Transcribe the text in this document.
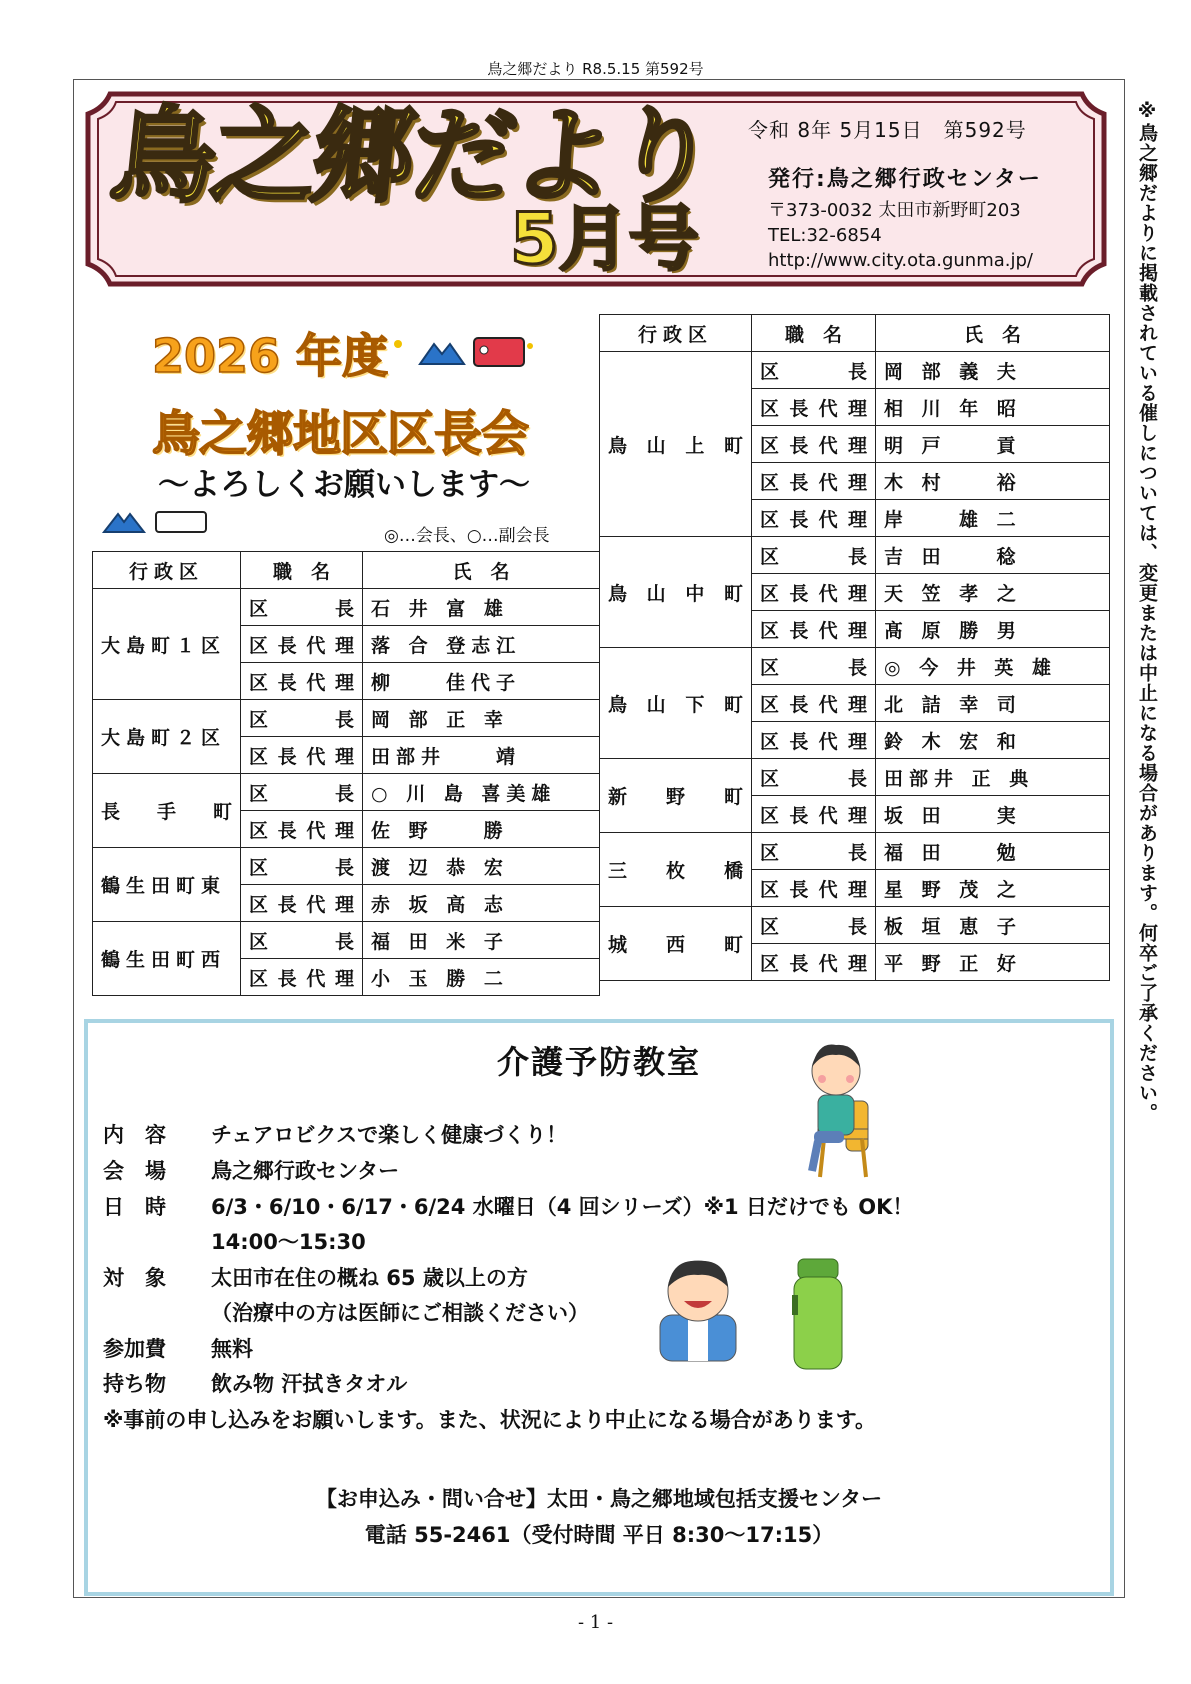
鳥之郷だより R8.5.15 第592号
※鳥之郷だよりに掲載されている催しについては、変更または中止になる場合があります。何卒ご了承ください。
鳥之郷だより
5月号
令和 8年 5月15日　第592号
発行:鳥之郷行政センター
〒373-0032 太田市新野町203
TEL:32-6854
http://www.city.ota.gunma.jp/
2026 年度
鳥之郷地区区長会
〜よろしくお願いします〜
◎…会長、○…副会長
行政区	職　名	氏　名
大島町１区	区　長	石 井 富 雄
	区長代理	落 合 登志江
	区長代理	柳　　佳代子
大島町２区	区　長	岡 部 正 幸
	区長代理	田部井　　靖
長手町	区　長	○ 川 島 喜美雄
	区長代理	佐 野　　勝
鶴生田町東	区　長	渡 辺 恭 宏
	区長代理	赤 坂 高 志
鶴生田町西	区　長	福 田 米 子
	区長代理	小 玉 勝 二
行政区	職　名	氏　名
鳥山上町	区　長	岡 部 義 夫
	区長代理	相 川 年 昭
	区長代理	明 戸　　貢
	区長代理	木 村　　裕
	区長代理	岸　　雄 二
鳥山中町	区　長	吉 田　　稔
	区長代理	天 笠 孝 之
	区長代理	髙 原 勝 男
鳥山下町	区　長	◎ 今 井 英 雄
	区長代理	北 詰 幸 司
	区長代理	鈴 木 宏 和
新野町	区　長	田部井 正 典
	区長代理	坂 田　　実
三枚橋	区　長	福 田　　勉
	区長代理	星 野 茂 之
城西町	区　長	板 垣 恵 子
	区長代理	平 野 正 好
介護予防教室
内　容 チェアロビクスで楽しく健康づくり！
会　場 鳥之郷行政センター
日　時 6/3・6/10・6/17・6/24 水曜日（4 回シリーズ）※1 日だけでも OK！
14:00〜15:30
対　象 太田市在住の概ね 65 歳以上の方
（治療中の方は医師にご相談ください）
参加費 無料
持ち物 飲み物 汗拭きタオル
※事前の申し込みをお願いします。また、状況により中止になる場合があります。
【お申込み・問い合せ】太田・鳥之郷地域包括支援センター
電話 55-2461（受付時間 平日 8:30〜17:15）
- 1 -
